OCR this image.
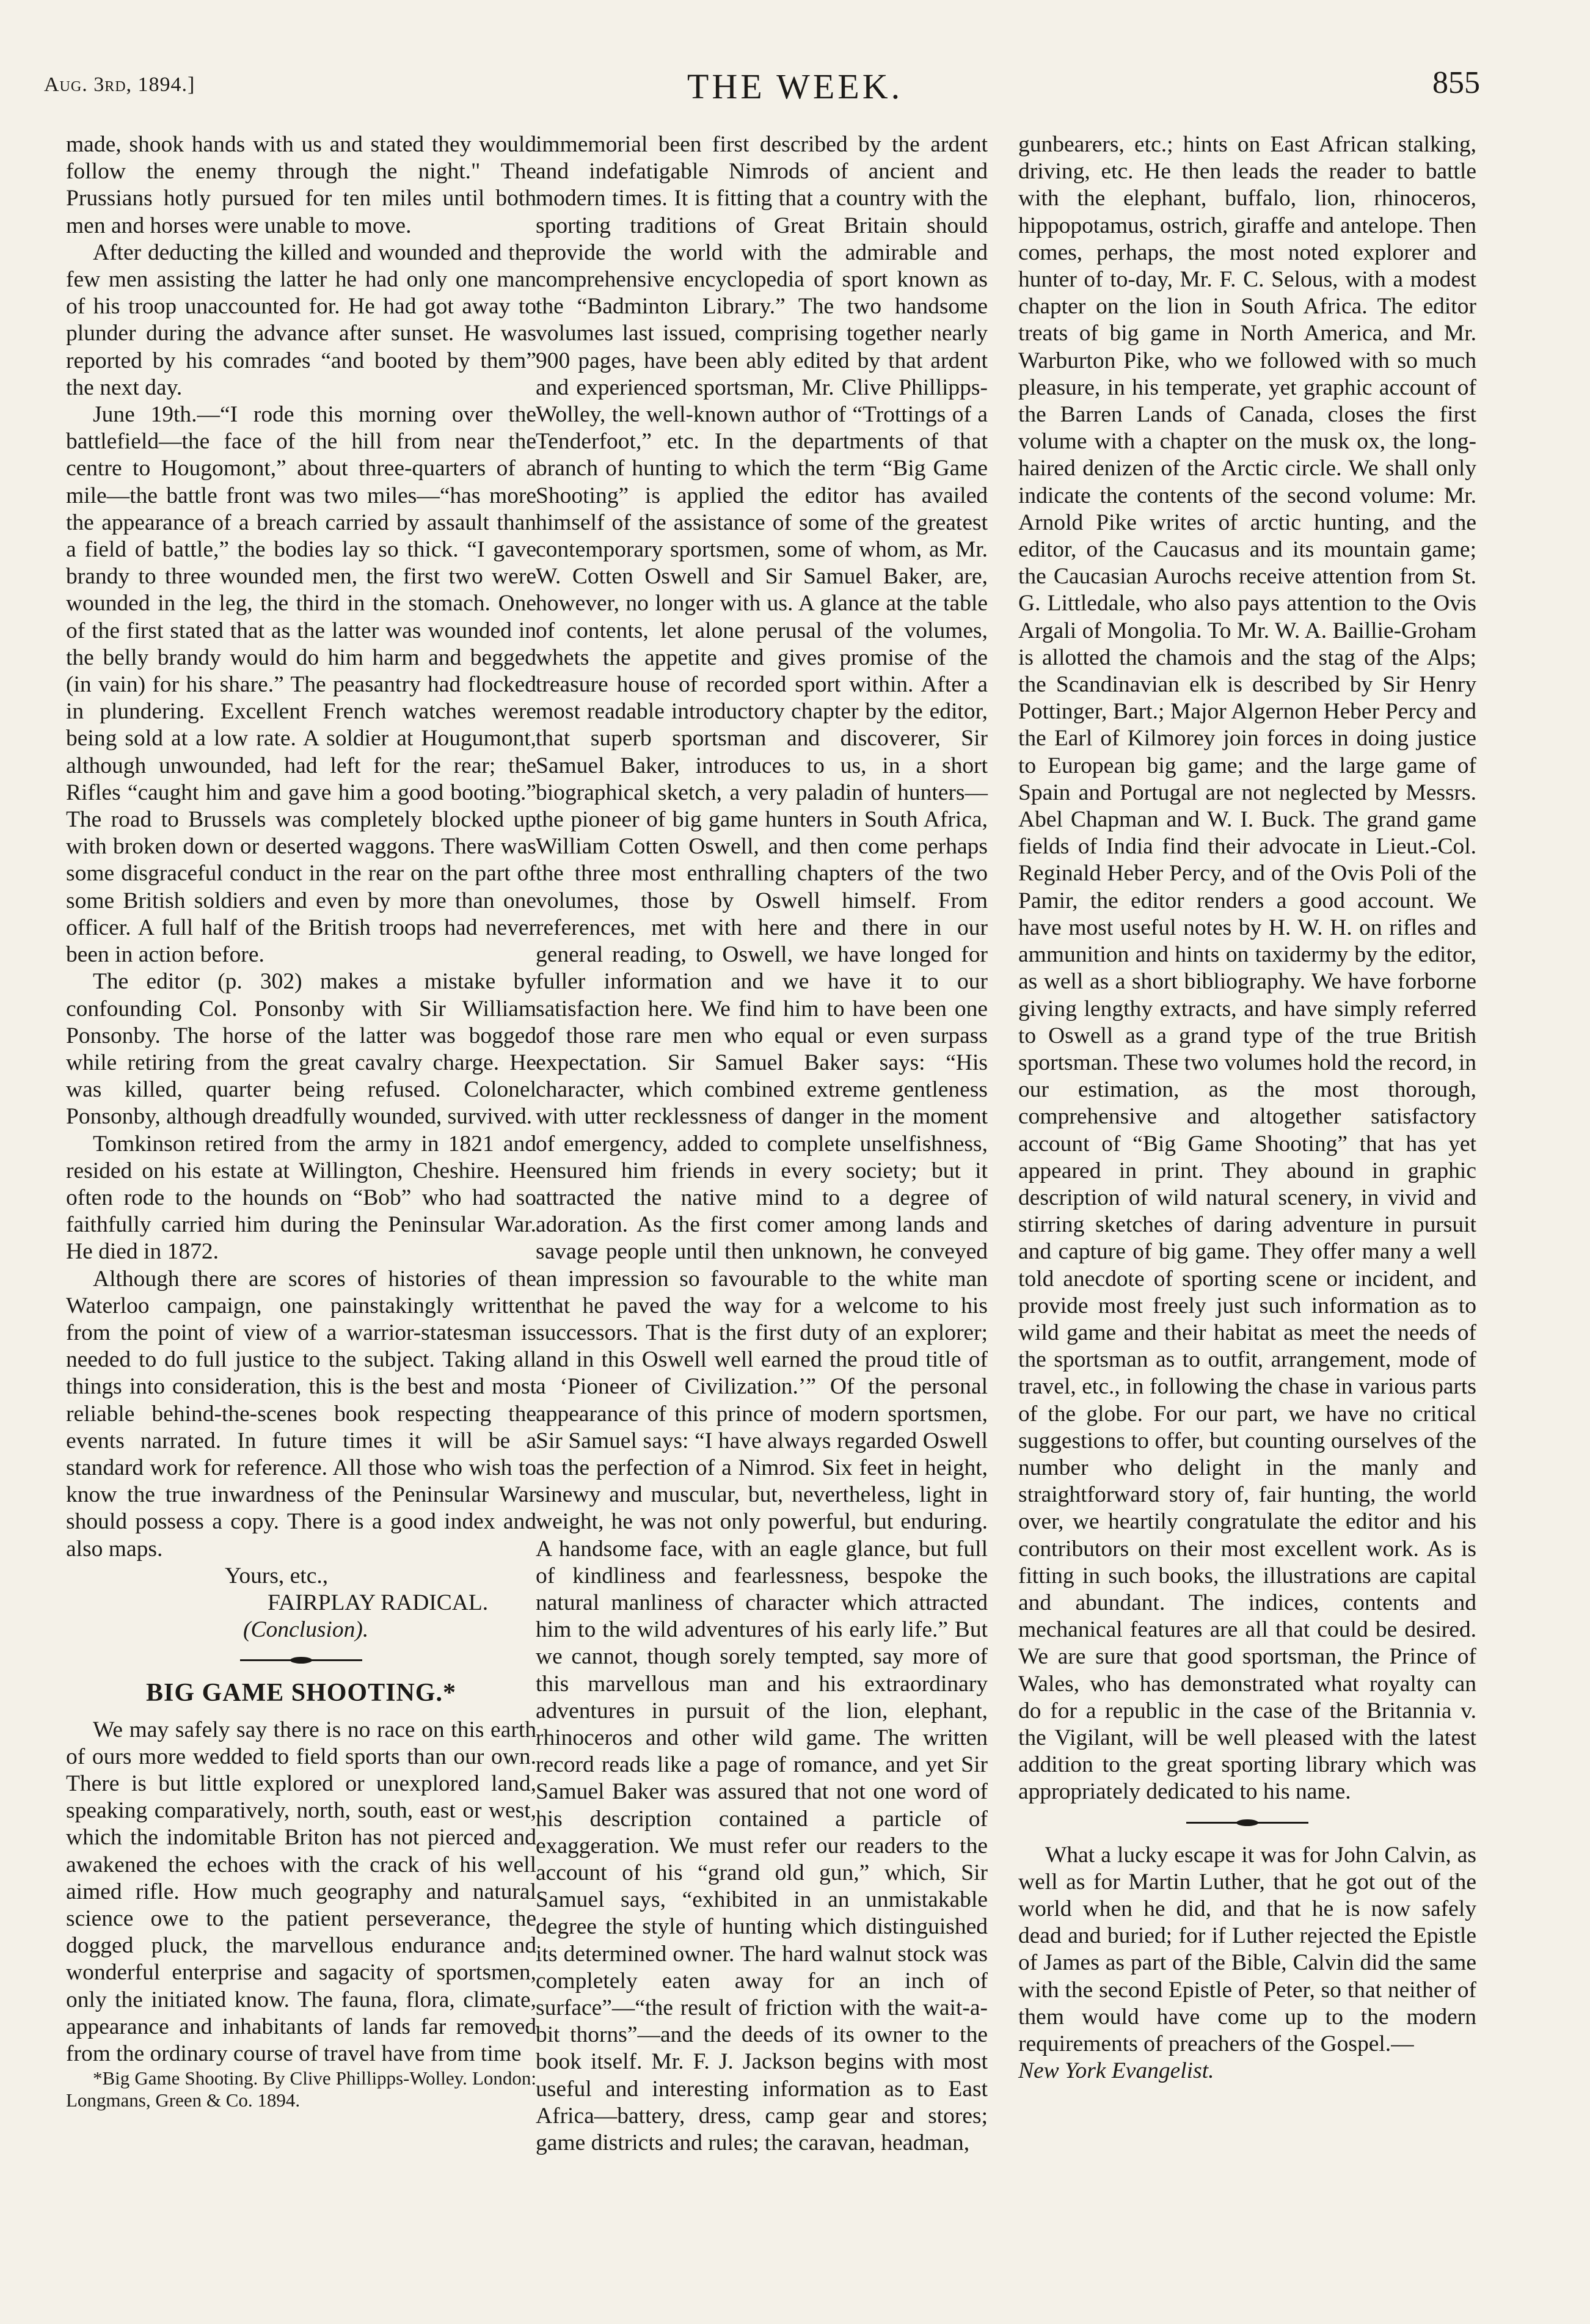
Aug. 3rd, 1894.]	THE WEEK.	855

made, shook hands with us and stated they would follow the enemy through the night." The Prussians hotly pursued for ten miles until both men and horses were unable to move.

After deducting the killed and wounded and the few men assisting the latter he had only one man of his troop unaccounted for. He had got away to plunder during the advance after sunset. He was reported by his comrades “and booted by them” the next day.

June 19th.—“I rode this morning over the battlefield—the face of the hill from near the centre to Hougomont,” about three-quarters of a mile—the battle front was two miles—“has more the appearance of a breach carried by assault than a field of battle,” the bodies lay so thick. “I gave brandy to three wounded men, the first two were wounded in the leg, the third in the stomach. One of the first stated that as the latter was wounded in the belly brandy would do him harm and begged (in vain) for his share.” The peasantry had flocked in plundering. Excellent French watches were being sold at a low rate. A soldier at Hougumont, although unwounded, had left for the rear; the Rifles “caught him and gave him a good booting.” The road to Brussels was completely blocked up with broken down or deserted waggons. There was some disgraceful conduct in the rear on the part of some British soldiers and even by more than one officer. A full half of the British troops had never been in action before.

The editor (p. 302) makes a mistake by confounding Col. Ponsonby with Sir William Ponsonby. The horse of the latter was bogged while retiring from the great cavalry charge. He was killed, quarter being refused. Colonel Ponsonby, although dreadfully wounded, survived.

Tomkinson retired from the army in 1821 and resided on his estate at Willington, Cheshire. He often rode to the hounds on “Bob” who had so faithfully carried him during the Peninsular War. He died in 1872.

Although there are scores of histories of the Waterloo campaign, one painstakingly written from the point of view of a warrior-statesman is needed to do full justice to the subject. Taking all things into consideration, this is the best and most reliable behind-the-scenes book respecting the events narrated. In future times it will be a standard work for reference. All those who wish to know the true inwardness of the Peninsular War should possess a copy. There is a good index and also maps.

Yours, etc.,
FAIRPLAY RADICAL.
(Conclusion).
BIG GAME SHOOTING.*

We may safely say there is no race on this earth of ours more wedded to field sports than our own. There is but little explored or unexplored land, speaking comparatively, north, south, east or west, which the indomitable Briton has not pierced and awakened the echoes with the crack of his well aimed rifle. How much geography and natural science owe to the patient perseverance, the dogged pluck, the marvellous endurance and wonderful enterprise and sagacity of sportsmen, only the initiated know. The fauna, flora, climate, appearance and inhabitants of lands far removed from the ordinary course of travel have from time

*Big Game Shooting. By Clive Phillipps-Wolley. London: Longmans, Green & Co. 1894.

immemorial been first described by the ardent and indefatigable Nimrods of ancient and modern times. It is fitting that a country with the sporting traditions of Great Britain should provide the world with the admirable and comprehensive encyclopedia of sport known as the “Badminton Library.” The two handsome volumes last issued, comprising together nearly 900 pages, have been ably edited by that ardent and experienced sportsman, Mr. Clive Phillipps-Wolley, the well-known author of “Trottings of a Tenderfoot,” etc. In the departments of that branch of hunting to which the term “Big Game Shooting” is applied the editor has availed himself of the assistance of some of the greatest contemporary sportsmen, some of whom, as Mr. W. Cotten Oswell and Sir Samuel Baker, are, however, no longer with us. A glance at the table of contents, let alone perusal of the volumes, whets the appetite and gives promise of the treasure house of recorded sport within. After a most readable introductory chapter by the editor, that superb sportsman and discoverer, Sir Samuel Baker, introduces to us, in a short biographical sketch, a very paladin of hunters—the pioneer of big game hunters in South Africa, William Cotten Oswell, and then come perhaps the three most enthralling chapters of the two volumes, those by Oswell himself. From references, met with here and there in our general reading, to Oswell, we have longed for fuller information and we have it to our satisfaction here. We find him to have been one of those rare men who equal or even surpass expectation. Sir Samuel Baker says: “His character, which combined extreme gentleness with utter recklessness of danger in the moment of emergency, added to complete unselfishness, ensured him friends in every society; but it attracted the native mind to a degree of adoration. As the first comer among lands and savage people until then unknown, he conveyed an impression so favourable to the white man that he paved the way for a welcome to his successors. That is the first duty of an explorer; and in this Oswell well earned the proud title of a ‘Pioneer of Civilization.’” Of the personal appearance of this prince of modern sportsmen, Sir Samuel says: “I have always regarded Oswell as the perfection of a Nimrod. Six feet in height, sinewy and muscular, but, nevertheless, light in weight, he was not only powerful, but enduring. A handsome face, with an eagle glance, but full of kindliness and fearlessness, bespoke the natural manliness of character which attracted him to the wild adventures of his early life.” But we cannot, though sorely tempted, say more of this marvellous man and his extraordinary adventures in pursuit of the lion, elephant, rhinoceros and other wild game. The written record reads like a page of romance, and yet Sir Samuel Baker was assured that not one word of his description contained a particle of exaggeration. We must refer our readers to the account of his “grand old gun,” which, Sir Samuel says, “exhibited in an unmistakable degree the style of hunting which distinguished its determined owner. The hard walnut stock was completely eaten away for an inch of surface”—“the result of friction with the wait-a-bit thorns”—and the deeds of its owner to the book itself. Mr. F. J. Jackson begins with most useful and interesting information as to East Africa—battery, dress, camp gear and stores; game districts and rules; the caravan, headman,

gunbearers, etc.; hints on East African stalking, driving, etc. He then leads the reader to battle with the elephant, buffalo, lion, rhinoceros, hippopotamus, ostrich, giraffe and antelope. Then comes, perhaps, the most noted explorer and hunter of to-day, Mr. F. C. Selous, with a modest chapter on the lion in South Africa. The editor treats of big game in North America, and Mr. Warburton Pike, who we followed with so much pleasure, in his temperate, yet graphic account of the Barren Lands of Canada, closes the first volume with a chapter on the musk ox, the long-haired denizen of the Arctic circle. We shall only indicate the contents of the second volume: Mr. Arnold Pike writes of arctic hunting, and the editor, of the Caucasus and its mountain game; the Caucasian Aurochs receive attention from St. G. Littledale, who also pays attention to the Ovis Argali of Mongolia. To Mr. W. A. Baillie-Groham is allotted the chamois and the stag of the Alps; the Scandinavian elk is described by Sir Henry Pottinger, Bart.; Major Algernon Heber Percy and the Earl of Kilmorey join forces in doing justice to European big game; and the large game of Spain and Portugal are not neglected by Messrs. Abel Chapman and W. I. Buck. The grand game fields of India find their advocate in Lieut.-Col. Reginald Heber Percy, and of the Ovis Poli of the Pamir, the editor renders a good account. We have most useful notes by H. W. H. on rifles and ammunition and hints on taxidermy by the editor, as well as a short bibliography. We have forborne giving lengthy extracts, and have simply referred to Oswell as a grand type of the true British sportsman. These two volumes hold the record, in our estimation, as the most thorough, comprehensive and altogether satisfactory account of “Big Game Shooting” that has yet appeared in print. They abound in graphic description of wild natural scenery, in vivid and stirring sketches of daring adventure in pursuit and capture of big game. They offer many a well told anecdote of sporting scene or incident, and provide most freely just such information as to wild game and their habitat as meet the needs of the sportsman as to outfit, arrangement, mode of travel, etc., in following the chase in various parts of the globe. For our part, we have no critical suggestions to offer, but counting ourselves of the number who delight in the manly and straightforward story of, fair hunting, the world over, we heartily congratulate the editor and his contributors on their most excellent work. As is fitting in such books, the illustrations are capital and abundant. The indices, contents and mechanical features are all that could be desired. We are sure that good sportsman, the Prince of Wales, who has demonstrated what royalty can do for a republic in the case of the Britannia v. the Vigilant, will be well pleased with the latest addition to the great sporting library which was appropriately dedicated to his name.

What a lucky escape it was for John Calvin, as well as for Martin Luther, that he got out of the world when he did, and that he is now safely dead and buried; for if Luther rejected the Epistle of James as part of the Bible, Calvin did the same with the second Epistle of Peter, so that neither of them would have come up to the modern requirements of preachers of the Gospel.—

New York Evangelist.
